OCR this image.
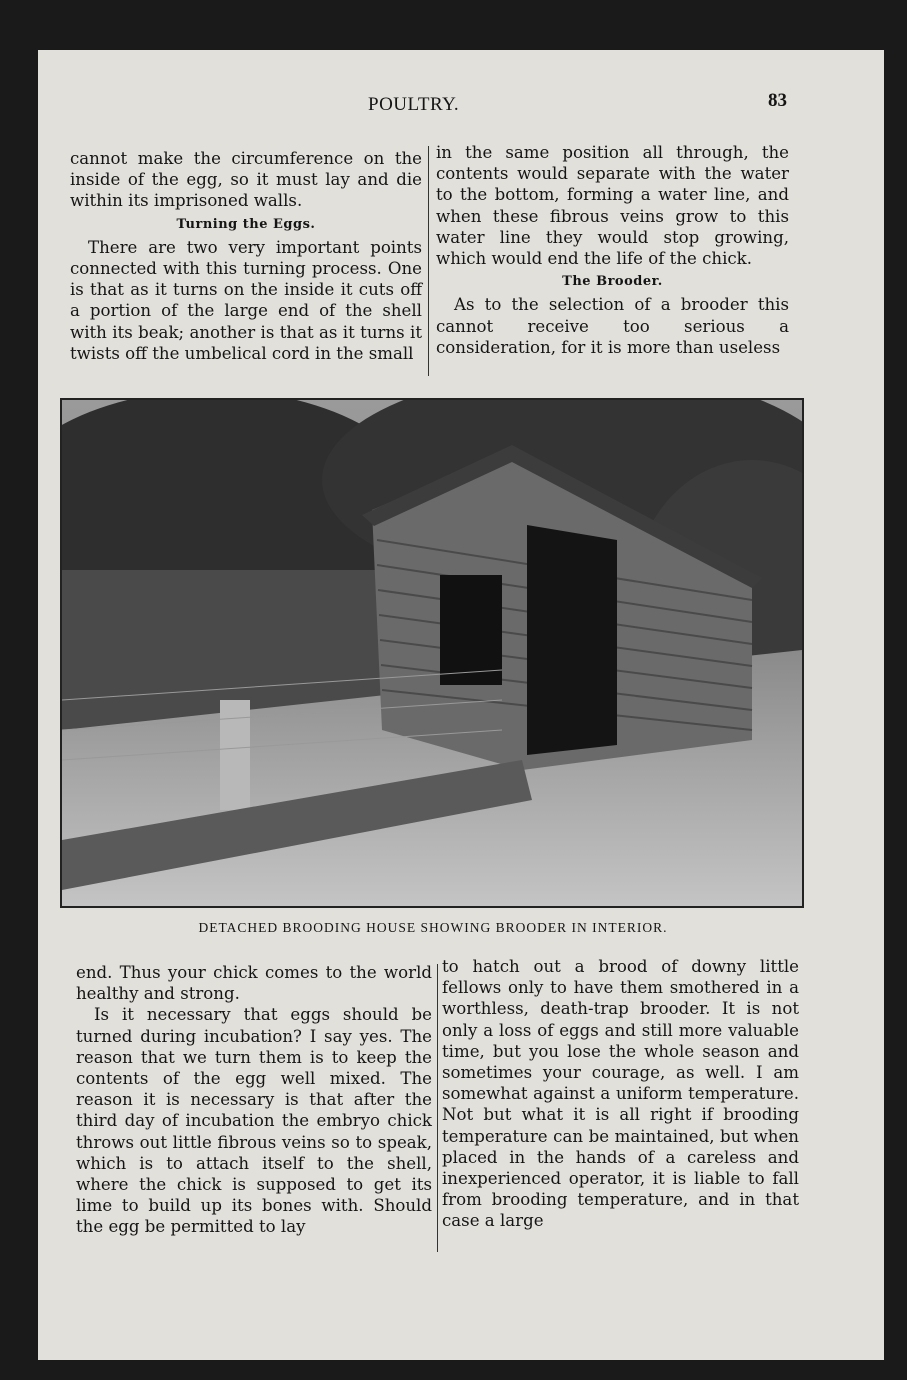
POULTRY.	83

cannot make the circumference on the inside of the egg, so it must lay and die within its imprisoned walls.

Turning the Eggs.

There are two very important points connected with this turning process. One is that as it turns on the inside it cuts off a portion of the large end of the shell with its beak; another is that as it turns it twists off the umbelical cord in the small

in the same position all through, the contents would separate with the water to the bottom, forming a water line, and when these fibrous veins grow to this water line they would stop growing, which would end the life of the chick.

The Brooder.

As to the selection of a brooder this cannot receive too serious a consideration, for it is more than useless

DETACHED BROODING HOUSE SHOWING BROODER IN INTERIOR.

end. Thus your chick comes to the world healthy and strong.

Is it necessary that eggs should be turned during incubation? I say yes. The reason that we turn them is to keep the contents of the egg well mixed. The reason it is necessary is that after the third day of incubation the embryo chick throws out little fibrous veins so to speak, which is to attach itself to the shell, where the chick is supposed to get its lime to build up its bones with. Should the egg be permitted to lay

to hatch out a brood of downy little fellows only to have them smothered in a worthless, death-trap brooder. It is not only a loss of eggs and still more valuable time, but you lose the whole season and sometimes your courage, as well. I am somewhat against a uniform temperature. Not but what it is all right if brooding temperature can be maintained, but when placed in the hands of a careless and inexperienced operator, it is liable to fall from brooding temperature, and in that case a large
